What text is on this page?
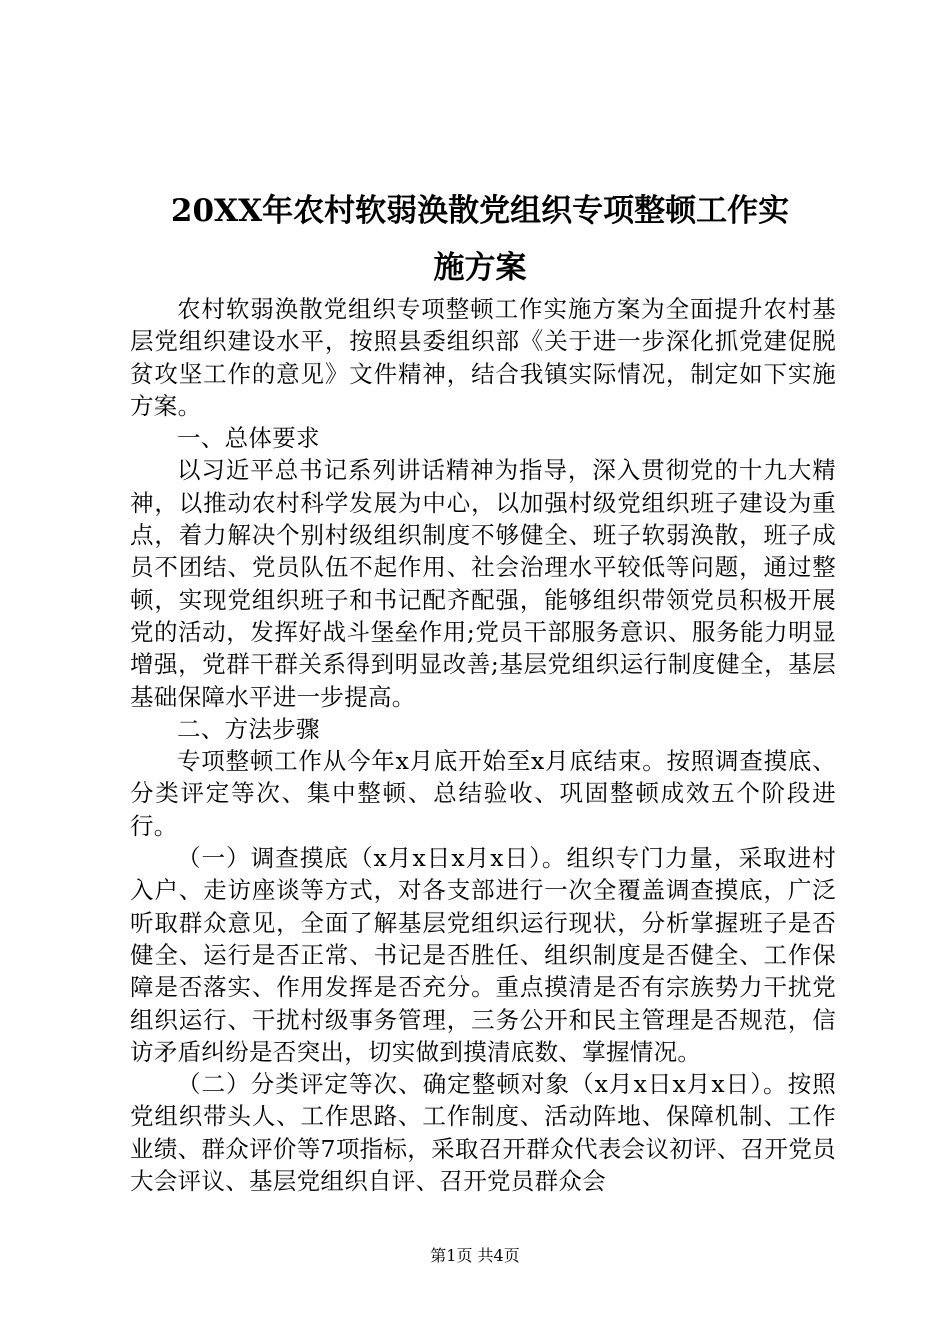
20XX年农村软弱涣散党组织专项整顿工作实
施方案

农村软弱涣散党组织专项整顿工作实施方案为全面提升农村基层党组织建设水平，按照县委组织部《关于进一步深化抓党建促脱贫攻坚工作的意见》文件精神，结合我镇实际情况，制定如下实施方案。

一、总体要求

以习近平总书记系列讲话精神为指导，深入贯彻党的十九大精神，以推动农村科学发展为中心，以加强村级党组织班子建设为重点，着力解决个别村级组织制度不够健全、班子软弱涣散，班子成员不团结、党员队伍不起作用、社会治理水平较低等问题，通过整顿，实现党组织班子和书记配齐配强，能够组织带领党员积极开展党的活动，发挥好战斗堡垒作用;党员干部服务意识、服务能力明显增强，党群干群关系得到明显改善;基层党组织运行制度健全，基层基础保障水平进一步提高。

二、方法步骤

专项整顿工作从今年x月底开始至x月底结束。按照调查摸底、分类评定等次、集中整顿、总结验收、巩固整顿成效五个阶段进行。

（一）调查摸底（x月x日x月x日）。组织专门力量，采取进村入户、走访座谈等方式，对各支部进行一次全覆盖调查摸底，广泛听取群众意见，全面了解基层党组织运行现状，分析掌握班子是否健全、运行是否正常、书记是否胜任、组织制度是否健全、工作保障是否落实、作用发挥是否充分。重点摸清是否有宗族势力干扰党组织运行、干扰村级事务管理，三务公开和民主管理是否规范，信访矛盾纠纷是否突出，切实做到摸清底数、掌握情况。

（二）分类评定等次、确定整顿对象（x月x日x月x日）。按照党组织带头人、工作思路、工作制度、活动阵地、保障机制、工作业绩、群众评价等7项指标，采取召开群众代表会议初评、召开党员大会评议、基层党组织自评、召开党员群众会

第1页 共4页
